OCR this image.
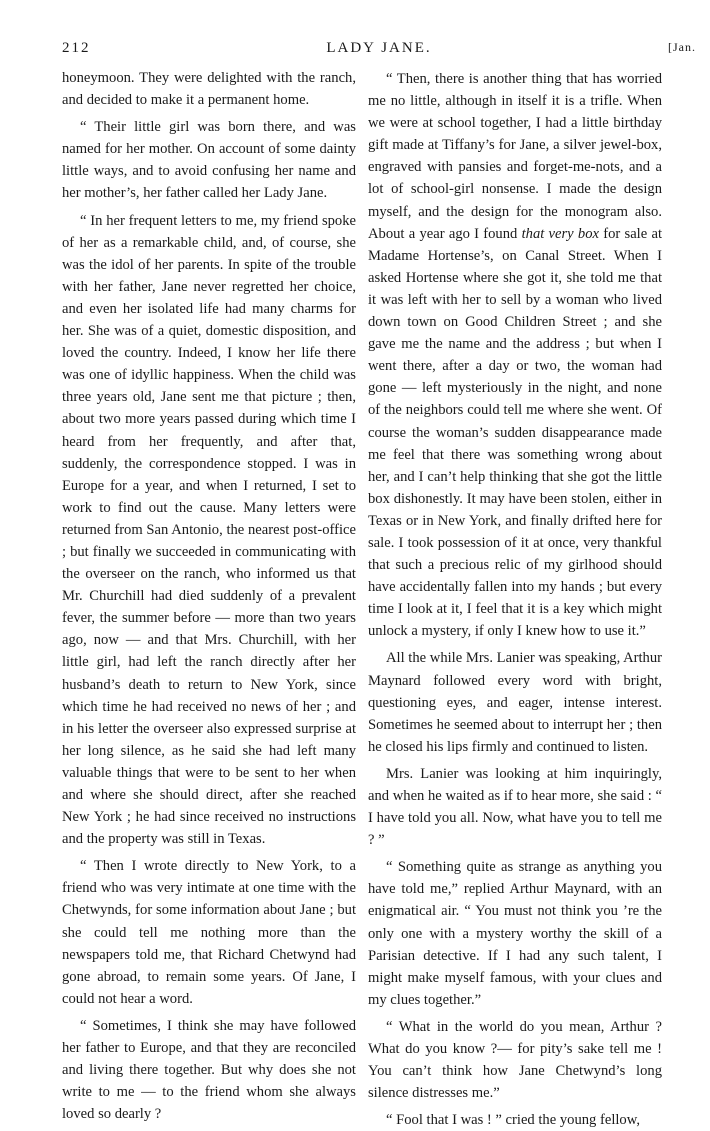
212	LADY JANE.	[Jan.

honeymoon. They were delighted with the ranch, and decided to make it a permanent home.

“ Their little girl was born there, and was named for her mother. On account of some dainty little ways, and to avoid confusing her name and her mother’s, her father called her Lady Jane.

“ In her frequent letters to me, my friend spoke of her as a remarkable child, and, of course, she was the idol of her parents. In spite of the trouble with her father, Jane never regretted her choice, and even her isolated life had many charms for her. She was of a quiet, domestic disposition, and loved the country. Indeed, I know her life there was one of idyllic happiness. When the child was three years old, Jane sent me that picture ; then, about two more years passed during which time I heard from her frequently, and after that, suddenly, the correspondence stopped. I was in Europe for a year, and when I returned, I set to work to find out the cause. Many letters were returned from San Antonio, the nearest post-office ; but finally we succeeded in communicating with the overseer on the ranch, who informed us that Mr. Churchill had died suddenly of a prevalent fever, the summer before — more than two years ago, now — and that Mrs. Churchill, with her little girl, had left the ranch directly after her husband’s death to return to New York, since which time he had received no news of her ; and in his letter the overseer also expressed surprise at her long silence, as he said she had left many valuable things that were to be sent to her when and where she should direct, after she reached New York ; he had since received no instructions and the property was still in Texas.

“ Then I wrote directly to New York, to a friend who was very intimate at one time with the Chetwynds, for some information about Jane ; but she could tell me nothing more than the newspapers told me, that Richard Chetwynd had gone abroad, to remain some years. Of Jane, I could not hear a word.

“ Sometimes, I think she may have followed her father to Europe, and that they are reconciled and living there together. But why does she not write to me — to the friend whom she always loved so dearly ?

“ Then, there is another thing that has worried me no little, although in itself it is a trifle. When we were at school together, I had a little birthday gift made at Tiffany’s for Jane, a silver jewel-box, engraved with pansies and forget-me-nots, and a lot of school-girl nonsense. I made the design myself, and the design for the monogram also. About a year ago I found that very box for sale at Madame Hortense’s, on Canal Street. When I asked Hortense where she got it, she told me that it was left with her to sell by a woman who lived down town on Good Children Street ; and she gave me the name and the address ; but when I went there, after a day or two, the woman had gone — left mysteriously in the night, and none of the neighbors could tell me where she went. Of course the woman’s sudden disappearance made me feel that there was something wrong about her, and I can’t help thinking that she got the little box dishonestly. It may have been stolen, either in Texas or in New York, and finally drifted here for sale. I took possession of it at once, very thankful that such a precious relic of my girlhood should have accidentally fallen into my hands ; but every time I look at it, I feel that it is a key which might unlock a mystery, if only I knew how to use it.”

All the while Mrs. Lanier was speaking, Arthur Maynard followed every word with bright, questioning eyes, and eager, intense interest. Sometimes he seemed about to interrupt her ; then he closed his lips firmly and continued to listen.

Mrs. Lanier was looking at him inquiringly, and when he waited as if to hear more, she said : “ I have told you all. Now, what have you to tell me ? ”

“ Something quite as strange as anything you have told me,” replied Arthur Maynard, with an enigmatical air. “ You must not think you ’re the only one with a mystery worthy the skill of a Parisian detective. If I had any such talent, I might make myself famous, with your clues and my clues together.”

“ What in the world do you mean, Arthur ? What do you know ?— for pity’s sake tell me ! You can’t think how Jane Chetwynd’s long silence distresses me.”

“ Fool that I was ! ” cried the young fellow,
